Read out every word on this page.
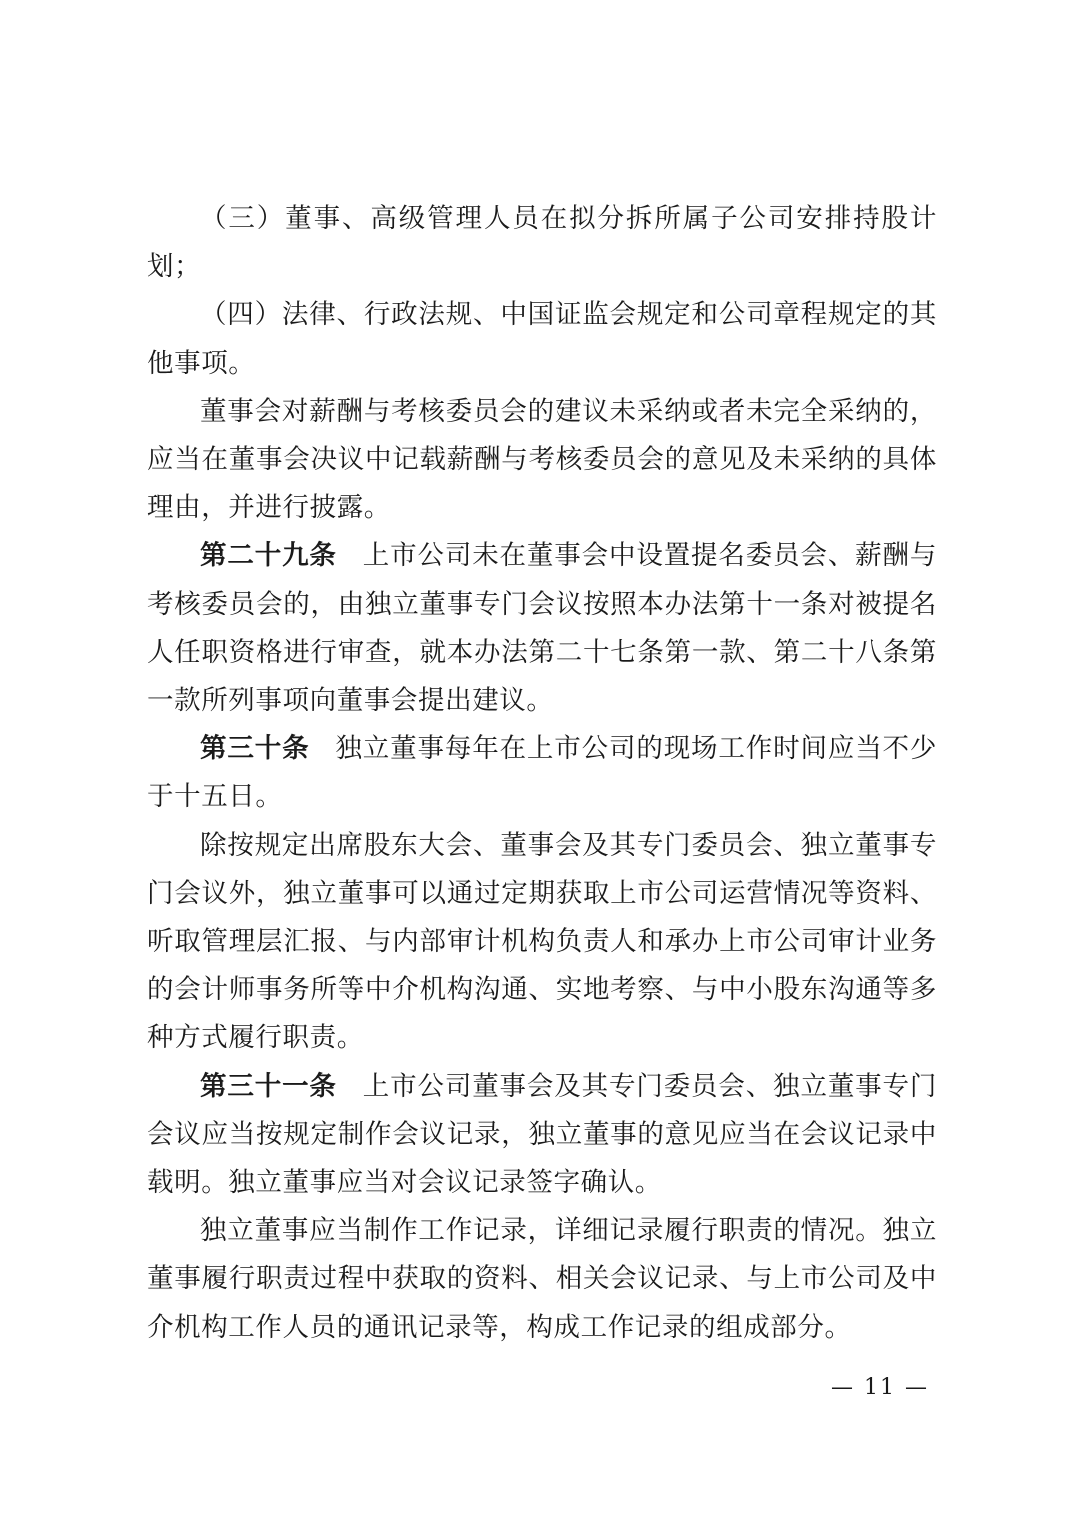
（三）董事、高级管理人员在拟分拆所属子公司安排持股计划；

（四）法律、行政法规、中国证监会规定和公司章程规定的其他事项。

董事会对薪酬与考核委员会的建议未采纳或者未完全采纳的，应当在董事会决议中记载薪酬与考核委员会的意见及未采纳的具体理由，并进行披露。

第二十九条 上市公司未在董事会中设置提名委员会、薪酬与考核委员会的，由独立董事专门会议按照本办法第十一条对被提名人任职资格进行审查，就本办法第二十七条第一款、第二十八条第一款所列事项向董事会提出建议。

第三十条 独立董事每年在上市公司的现场工作时间应当不少于十五日。

除按规定出席股东大会、董事会及其专门委员会、独立董事专门会议外，独立董事可以通过定期获取上市公司运营情况等资料、听取管理层汇报、与内部审计机构负责人和承办上市公司审计业务的会计师事务所等中介机构沟通、实地考察、与中小股东沟通等多种方式履行职责。

第三十一条 上市公司董事会及其专门委员会、独立董事专门会议应当按规定制作会议记录，独立董事的意见应当在会议记录中载明。独立董事应当对会议记录签字确认。

独立董事应当制作工作记录，详细记录履行职责的情况。独立董事履行职责过程中获取的资料、相关会议记录、与上市公司及中介机构工作人员的通讯记录等，构成工作记录的组成部分。

— 11 —
